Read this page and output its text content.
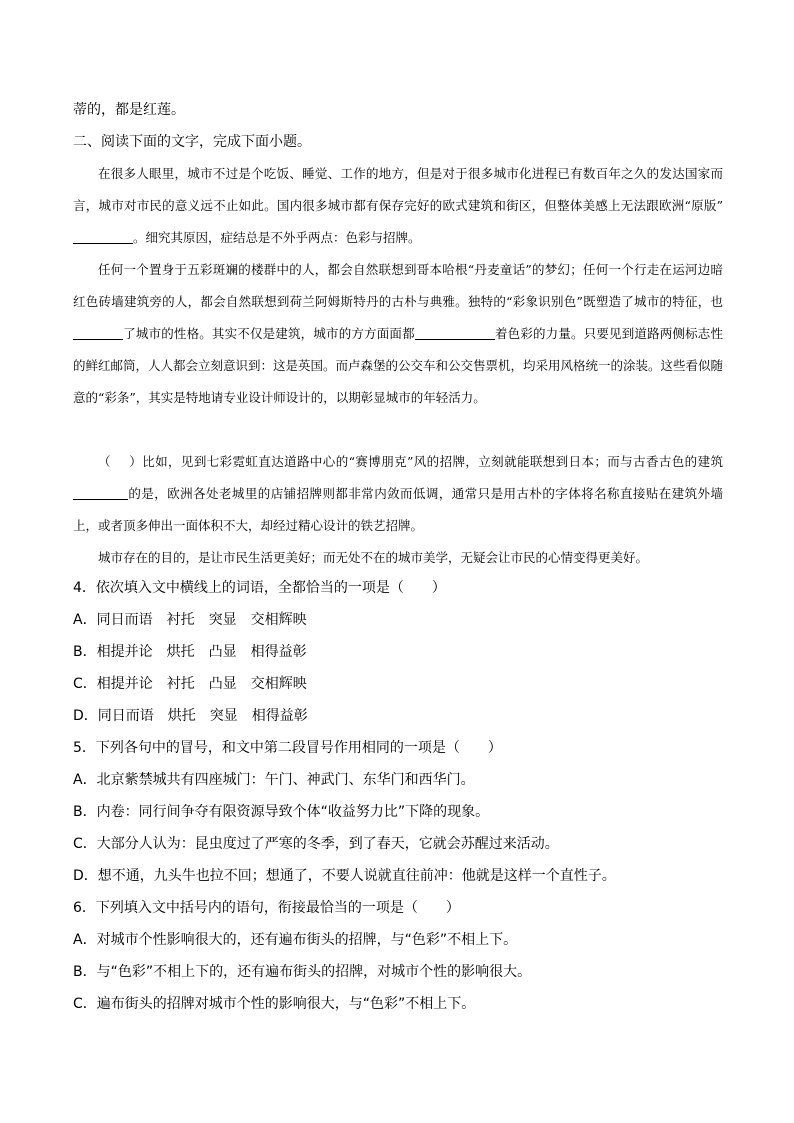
蒂的，都是红莲。
二、阅读下面的文字，完成下面小题。
在很多人眼里，城市不过是个吃饭、睡觉、工作的地方，但是对于很多城市化进程已有数百年之久的发达国家而言，城市对市民的意义远不止如此。国内很多城市都有保存完好的欧式建筑和街区，但整体美感上无法跟欧洲“原版”。细究其原因，症结总是不外乎两点：色彩与招牌。
任何一个置身于五彩斑斓的楼群中的人，都会自然联想到哥本哈根“丹麦童话”的梦幻；任何一个行走在运河边暗红色砖墙建筑旁的人，都会自然联想到荷兰阿姆斯特丹的古朴与典雅。独特的“彩象识别色”既塑造了城市的特征，也了城市的性格。其实不仅是建筑，城市的方方面面都	着色彩的力量。只要见到道路两侧标志性的鲜红邮筒，人人都会立刻意识到：这是英国。而卢森堡的公交车和公交售票机，均采用风格统一的涂装。这些看似随意的“彩条”，其实是特地请专业设计师设计的，以期彰显城市的年轻活力。
（ ）比如，见到七彩霓虹直达道路中心的“赛博朋克”风的招牌，立刻就能联想到日本；而与古香古色的建筑的是，欧洲各处老城里的店铺招牌则都非常内敛而低调，通常只是用古朴的字体将名称直接贴在建筑外墙上，或者顶多伸出一面体积不大，却经过精心设计的铁艺招牌。
城市存在的目的，是让市民生活更美好；而无处不在的城市美学，无疑会让市民的心情变得更美好。
4．依次填入文中横线上的词语，全都恰当的一项是（　　）
A．同日而语　衬托　突显　交相辉映
B．相提并论　烘托　凸显　相得益彰
C．相提并论　衬托　凸显　交相辉映
D．同日而语　烘托　突显　相得益彰
5．下列各句中的冒号，和文中第二段冒号作用相同的一项是（　　）
A．北京紫禁城共有四座城门：午门、神武门、东华门和西华门。
B．内卷：同行间争夺有限资源导致个体“收益努力比”下降的现象。
C．大部分人认为：昆虫度过了严寒的冬季，到了春天，它就会苏醒过来活动。
D．想不通，九头牛也拉不回；想通了，不要人说就直往前冲：他就是这样一个直性子。
6．下列填入文中括号内的语句，衔接最恰当的一项是（　　）
A．对城市个性影响很大的，还有遍布街头的招牌，与“色彩”不相上下。
B．与“色彩”不相上下的，还有遍布街头的招牌，对城市个性的影响很大。
C．遍布街头的招牌对城市个性的影响很大，与“色彩”不相上下。
